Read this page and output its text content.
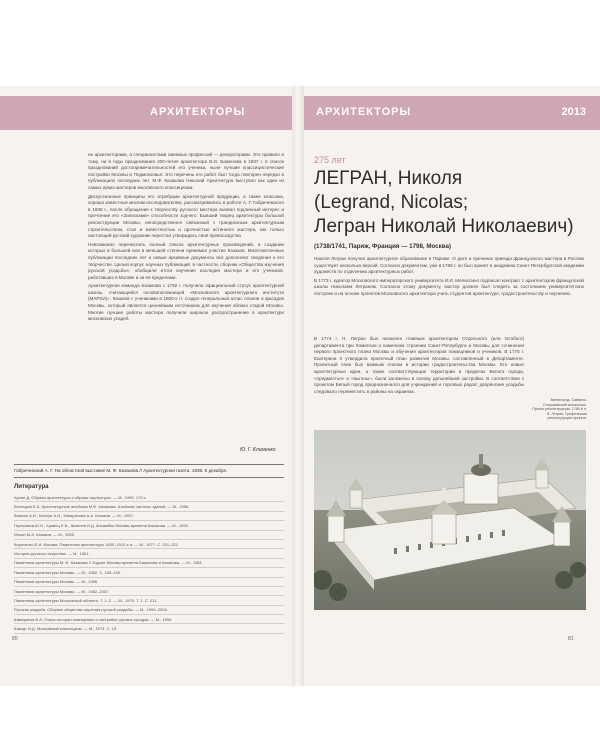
АРХИТЕКТОРЫ	АРХИТЕКТОРЫ	2013

не архитекторами, а специалистами смежных профессий — декораторами. Это правило и тому, ни в годы празднования 200-летия архитектора В.И. Баженова в 1937 г. в список празднований достопримечательностей его ученика, ныне лучшие классицистические постройки Москвы и Подмосковья. Это перечень его работ был тогда повторен нередко в публикациях последних лет. М.Ф. Казакова Николай Архитектура выступил как один из самых ярких мастеров московского классицизма.

Дискуссионные принципы его атрибуции архитектурной продукции, а также классика, хорошо известные многим исследователям, рассматривались в работе А. Г. Габричевского в 1938 г., после обращения к творчеству русского мастера вызвал подлинный интерес и прочтение его «Записками» способности зодчего. Бывший творец архитектуры большой реконструкции Москвы, непосредственно связанный с грандиозным архитектурным строительством, стал и известностью и прочностью истинного мастера, как только настоящий русский художник перестал утверждать своё превосходство.

Невозможно перечислить полный список архитектурных произведений, в создании которых в большей или в меньшей степени принимал участие Казаков. Многочисленные публикации последних лет и новые архивные документы все дополняют сведения о его творчестве. Целый корпус научных публикаций, в частности, сборник «Общества изучения русской усадьбы», обобщили итоги изучения наследия мастера и его учеников, работавших в Москве и за её пределами.

Архитектурная команда Казакова с 1792 г. получила официальный статус архитектурной школы, считающейся основоположницей «Московского архитектурного института (МАРХИ)». Казаков с учениками в 1800-х гг. создал генеральный атлас планов и фасадов Москвы, который является ценнейшим источником для изучения облика старой Москвы. Многие лучшие работы мастера получили широкое распространение в архитектуре московских усадеб.

Ю. Г. Клименко
Габричевский А. Г. На областной выставке М. Ф. Казакова // Архитектурная газета. 1938. 5 декабря.
Литература
Архин Д. Образы архитектуры и образы скульптуры. — М., 1990. 170 с.
Белецкая Е.А. Архитектурные альбомы М.Ф. Казакова. Альбомы частных зданий. — М., 1956.
Власюк А.И., Каплун А.И., Кипарисова А.А. Казаков. — М., 1957.
Герасимов Ю.Н., Кравец Е.В., Шмелев И.Д. Ансамбли Москвы времени Казакова. — М., 1990.
Ильин М.А. Казаков. — М., 1955.
Кириченко Е.И. Москва. Памятники архитектуры 1830–1910-х гг. — М., 1977. С. 201–221.
История русского искусства. — М., 1961.
Памятники архитектуры М. Ф. Казакова // Зодчие Москвы времени Баженова и Казакова. — М., 1981.
Памятники архитектуры Москвы. — М., 1982. С. 105–109.
Памятники архитектуры Москвы. — М., 1996.
Памятники архитектуры Москвы. — М., 1982–2007.
Памятники архитектуры Московской области. Т. 1–2. — М., 1975. Т. 1. С. 211.
Русская усадьба. Сборник общества изучения русской усадьбы. — М., 1994–2008.
Шквариков В.А. Очерк истории планировки и застройки русских городов. — М., 1954.
Шмидт И.Д. Московский классицизм. — М., 1974. С. 13.
80
275 лет
ЛЕГРАН, Николя
(Legrand, Nicolas;
Легран Николай Николаевич)
(1738/1741, Париж, Франция — 1798, Москва)

Николя Легран получил архитектурное образование в Париже. О дате и причинах приезда французского мастера в Россию существует несколько версий. Согласно документам, уже в 1768 г. он был принят в академию Санкт-Петербургской академии художеств по отделению архитектурных работ.

В 1773 г. куратор Московского императорского университета И.И. Мелиссино подписал контракт с архитектором французской школы Николаем Леграном. Согласно этому документу, мастер должен был следить за состоянием университетских построек и на основе проектов Московского архитектора учить студентов архитектуре, градостроительству и черчению.

В 1774 г. Н. Легран был назначен главным архитектором Отдельного (или Особого) департамента при Комиссии о каменном строении Санкт-Петербурга и Москвы для сочинения первого проектного плана Москвы и обучения архитекторов помощников и учеников. В 1775 г. Екатерина II утвердила проектный план развития Москвы, составленный в Департаменте. Проектный план был важным этапом в истории градостроительства Москвы. Его новые архитектурные идеи, а также соответствующие территории в пределах Белого города, «предместья» и «выгоны», были заложены в основу дальнейшей застройки. В соответствии с проектом Белый город предназначался для учреждений и торговых рядов; дворянские усадьбы следовало переместить в районы на окраинах.

Звенигород. Саввино-Сторожевский монастырь. Проект реконструкции. 1780-е гг. Н. Легран. Графическая реконструкция проекта.
81
